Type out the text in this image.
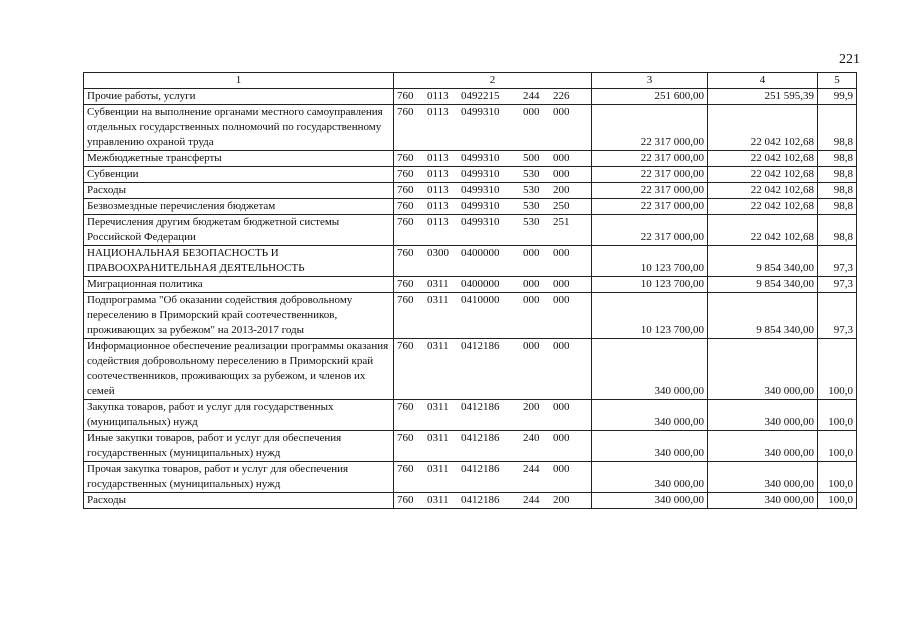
221
1	2	3	4	5
Прочие работы, услуги	760 0113 0492215 244 226	251 600,00	251 595,39	99,9
Субвенции на выполнение органами местного самоуправления отдельных государственных полномочий по государственному управлению охраной труда	760 0113 0499310 000 000	22 317 000,00	22 042 102,68	98,8
Межбюджетные трансферты	760 0113 0499310 500 000	22 317 000,00	22 042 102,68	98,8
Субвенции	760 0113 0499310 530 000	22 317 000,00	22 042 102,68	98,8
Расходы	760 0113 0499310 530 200	22 317 000,00	22 042 102,68	98,8
Безвозмездные перечисления бюджетам	760 0113 0499310 530 250	22 317 000,00	22 042 102,68	98,8
Перечисления другим бюджетам бюджетной системы Российской Федерации	760 0113 0499310 530 251	22 317 000,00	22 042 102,68	98,8
НАЦИОНАЛЬНАЯ БЕЗОПАСНОСТЬ И ПРАВООХРАНИТЕЛЬНАЯ ДЕЯТЕЛЬНОСТЬ	760 0300 0400000 000 000	10 123 700,00	9 854 340,00	97,3
Миграционная политика	760 0311 0400000 000 000	10 123 700,00	9 854 340,00	97,3
Подпрограмма "Об оказании содействия добровольному переселению в Приморский край соотечественников, проживающих за рубежом" на 2013-2017 годы	760 0311 0410000 000 000	10 123 700,00	9 854 340,00	97,3
Информационное обеспечение реализации программы оказания содействия добровольному переселению в Приморский край соотечественников, проживающих за рубежом, и членов их семей	760 0311 0412186 000 000	340 000,00	340 000,00	100,0
Закупка товаров, работ и услуг для государственных (муниципальных) нужд	760 0311 0412186 200 000	340 000,00	340 000,00	100,0
Иные закупки товаров, работ и услуг для обеспечения государственных (муниципальных) нужд	760 0311 0412186 240 000	340 000,00	340 000,00	100,0
Прочая закупка товаров, работ и услуг для обеспечения государственных (муниципальных) нужд	760 0311 0412186 244 000	340 000,00	340 000,00	100,0
Расходы	760 0311 0412186 244 200	340 000,00	340 000,00	100,0
